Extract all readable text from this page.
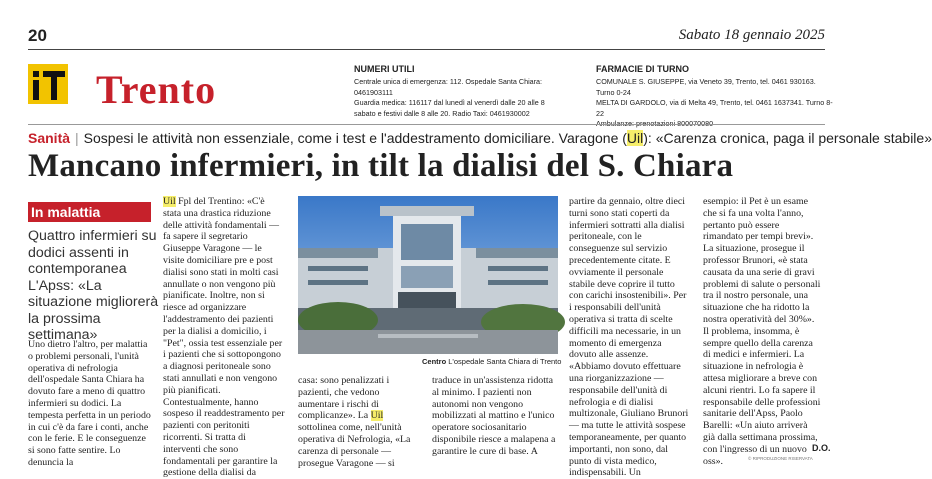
20	Sabato 18 gennaio 2025
Trento	NUMERI UTILI
Centrale unica di emergenza: 112. Ospedale Santa Chiara: 0461903111
Guardia medica: 116117 dal lunedì al venerdì dalle 20 alle 8
sabato e festivi dalle 8 alle 20. Radio Taxi: 0461930002
FARMACIE DI TURNO
COMUNALE S. GIUSEPPE, via Veneto 39, Trento, tel. 0461 930163. Turno 0-24
MELTA DI GARDOLO, via di Melta 49, Trento, tel. 0461 1637341. Turno 8-22
Sanità | Sospesi le attività non essenziale, come i test e l'addestramento domiciliare. Varagone (Uil): «Carenza cronica, paga il personale stabile»
Mancano infermieri, in tilt la dialisi del S. Chiara
In malattia
Quattro infermieri su dodici assenti in contemporanea L'Apss: «La situazione migliorerà la prossima settimana»
Uno dietro l'altro, per malattia o problemi personali, l'unità operativa di nefrologia dell'ospedale Santa Chiara ha dovuto fare a meno di quattro infermieri su dodici. La tempesta perfetta in un periodo in cui c'è da fare i conti, anche con le ferie. E le conseguenze si sono fatte sentire. Lo denuncia la
Uil Fpl del Trentino: «C'è stata una drastica riduzione delle attività fondamentali — fa sapere il segretario Giuseppe Varagone — le visite domiciliare pre e post dialisi sono stati in molti casi annullate o non vengono più pianificate. Inoltre, non si riesce ad organizzare l'addestramento dei pazienti per la dialisi a domicilio, i "Pet", ossia test essenziale per i pazienti che si sottopongono a diagnosi peritoneale sono stati annullati e non vengono più pianificati. Contestualmente, hanno sospeso il readdestramento per pazienti con peritoniti ricorrenti. Si tratta di interventi che sono fondamentali per garantire la gestione della dialisi da
Centro L'ospedale Santa Chiara di Trento
casa: sono penalizzati i pazienti, che vedono aumentare i rischi di complicanze». La Uil sottolinea come, nell'unità operativa di Nefrologia, «La carenza di personale — prosegue Varagone — si
traduce in un'assistenza ridotta al minimo. I pazienti non autonomi non vengono mobilizzati al mattino e l'unico operatore sociosanitario disponibile riesce a malapena a garantire le cure di base. A
partire da gennaio, oltre dieci turni sono stati coperti da infermieri sottratti alla dialisi peritoneale, con le conseguenze sul servizio precedentemente citate. E ovviamente il personale stabile deve coprire il tutto con carichi insostenibili». Per i responsabili dell'unità operativa si tratta di scelte difficili ma necessarie, in un momento di emergenza dovuto alle assenze. «Abbiamo dovuto effettuare una riorganizzazione — responsabile dell'unità di nefrologia e di dialisi multizonale, Giuliano Brunori — ma tutte le attività sospese temporaneamente, per quanto importanti, non sono, dal punto di vista medico, indispensabili. Un
esempio: il Pet è un esame che si fa una volta l'anno, pertanto può essere rimandato per tempi brevi». La situazione, prosegue il professor Brunori, «è stata causata da una serie di gravi problemi di salute o personali tra il nostro personale, una situazione che ha ridotto la nostra operatività del 30%». Il problema, insomma, è sempre quello della carenza di medici e infermieri. La situazione in nefrologia è attesa migliorare a breve con alcuni rientri. Lo fa sapere il responsabile delle professioni sanitarie dell'Apss, Paolo Barelli: «Un aiuto arriverà già dalla settimana prossima, con l'ingresso di un nuovo oss».
D.O.
© RIPRODUZIONE RISERVATA
